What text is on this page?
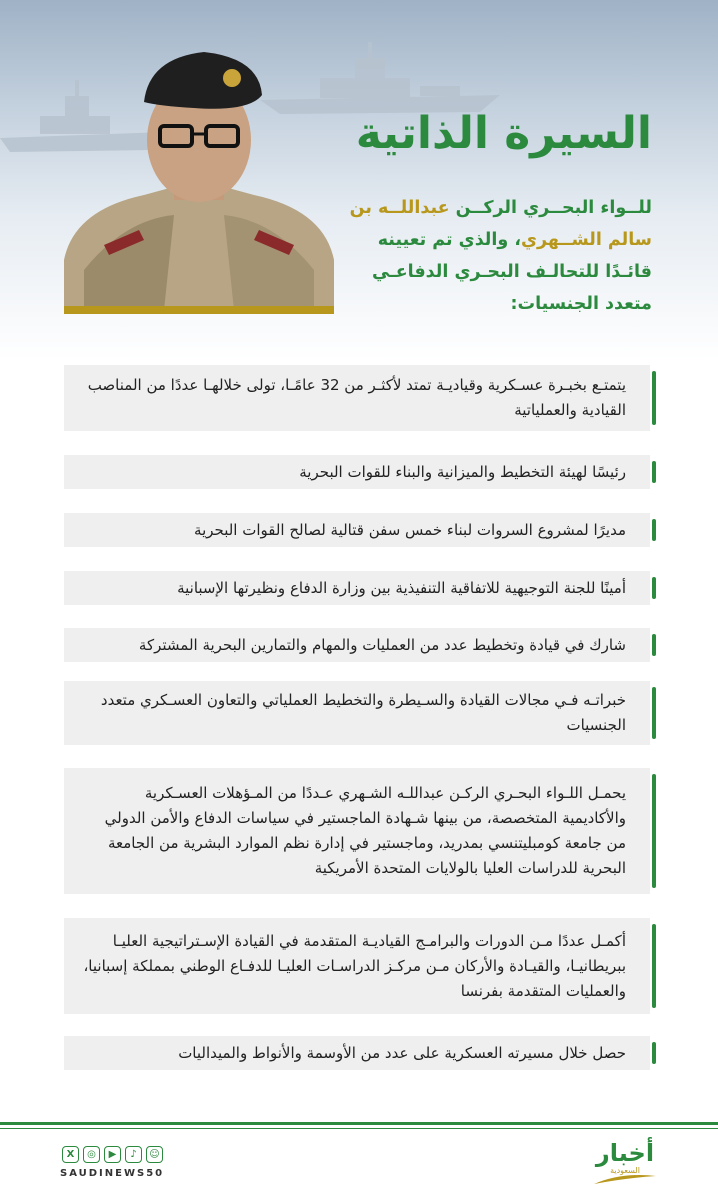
السيرة الذاتية

للــواء البحــري الركــن عبداللــه بن سالم الشــهري، والذي تم تعيينه قائـدًا للتحالـف البحـري الدفاعـي متعدد الجنسيات:

يتمتـع بخبـرة عسـكرية وقياديـة تمتد لأكثـر من 32 عامًـا، تولى خلالهـا عددًا من المناصب القيادية والعملياتية
رئيسًا لهيئة التخطيط والميزانية والبناء للقوات البحرية
مديرًا لمشروع السروات لبناء خمس سفن قتالية لصالح القوات البحرية
أمينًا للجنة التوجيهية للاتفاقية التنفيذية بين وزارة الدفاع ونظيرتها الإسبانية
شارك في قيادة وتخطيط عدد من العمليات والمهام والتمارين البحرية المشتركة
خبراتـه فـي مجالات القيادة والسـيطرة والتخطيط العملياتي والتعاون العسـكري متعدد الجنسيات
يحمـل اللـواء البحـري الركـن عبداللـه الشـهري عـددًا من المـؤهلات العسـكرية والأكاديمية المتخصصة، من بينها شـهادة الماجستير في سياسات الدفاع والأمن الدولي من جامعة كومبليتنسي بمدريد، وماجستير في إدارة نظم الموارد البشرية من الجامعة البحرية للدراسات العليا بالولايات المتحدة الأمريكية
أكمـل عددًا مـن الدورات والبرامـج القياديـة المتقدمة في القيادة الإسـتراتيجية العليـا ببريطانيـا، والقيـادة والأركان مـن مركـز الدراسـات العليـا للدفـاع الوطني بمملكة إسبانيا، والعمليات المتقدمة بفرنسا
حصل خلال مسيرته العسكرية على عدد من الأوسمة والأنواط والميداليات
X	◎	▶	♪	☺
SAUDINEWS50
أخبار
السعودية
